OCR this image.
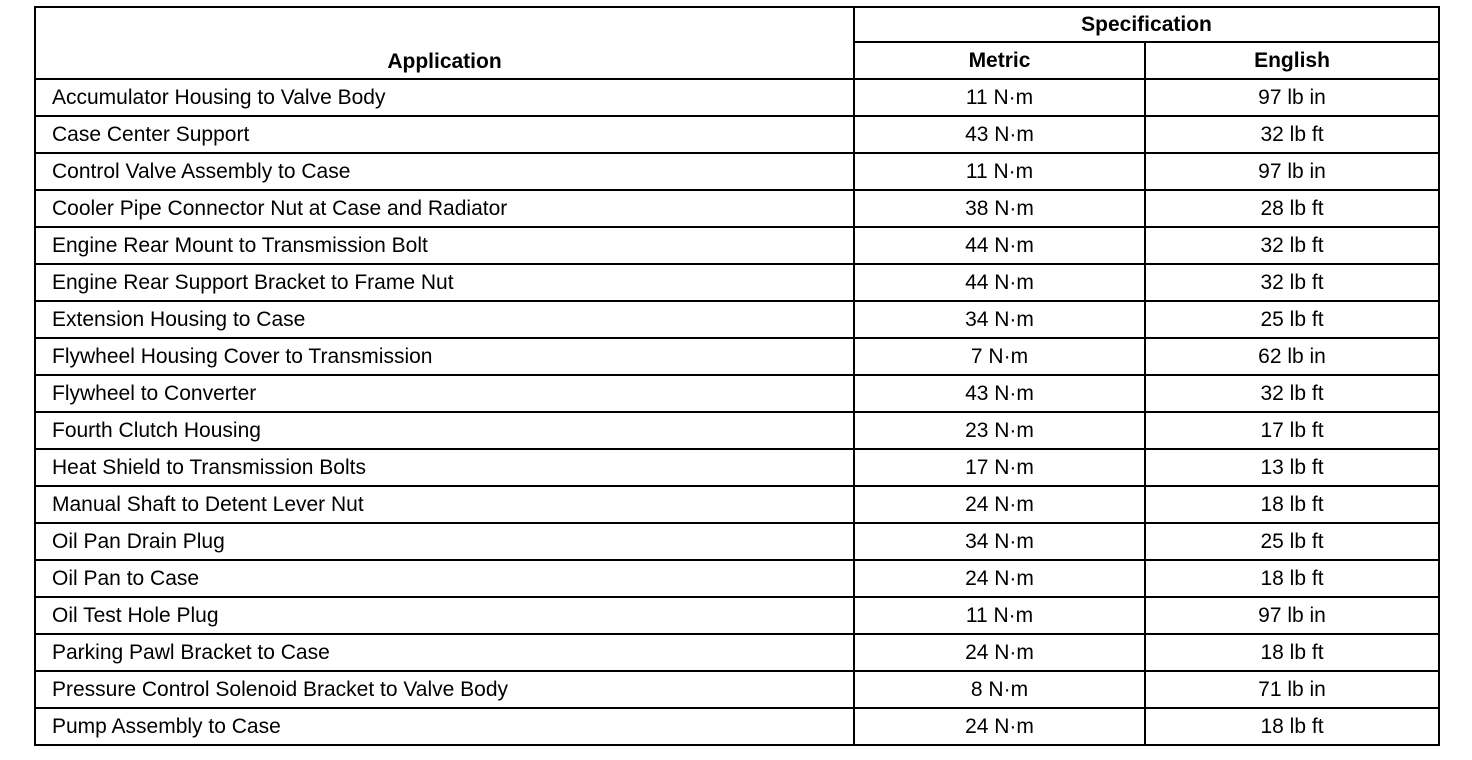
Application	Specification	
	Metric	English
Accumulator Housing to Valve Body	11 N·m	97 lb in
Case Center Support	43 N·m	32 lb ft
Control Valve Assembly to Case	11 N·m	97 lb in
Cooler Pipe Connector Nut at Case and Radiator	38 N·m	28 lb ft
Engine Rear Mount to Transmission Bolt	44 N·m	32 lb ft
Engine Rear Support Bracket to Frame Nut	44 N·m	32 lb ft
Extension Housing to Case	34 N·m	25 lb ft
Flywheel Housing Cover to Transmission	7 N·m	62 lb in
Flywheel to Converter	43 N·m	32 lb ft
Fourth Clutch Housing	23 N·m	17 lb ft
Heat Shield to Transmission Bolts	17 N·m	13 lb ft
Manual Shaft to Detent Lever Nut	24 N·m	18 lb ft
Oil Pan Drain Plug	34 N·m	25 lb ft
Oil Pan to Case	24 N·m	18 lb ft
Oil Test Hole Plug	11 N·m	97 lb in
Parking Pawl Bracket to Case	24 N·m	18 lb ft
Pressure Control Solenoid Bracket to Valve Body	8 N·m	71 lb in
Pump Assembly to Case	24 N·m	18 lb ft
